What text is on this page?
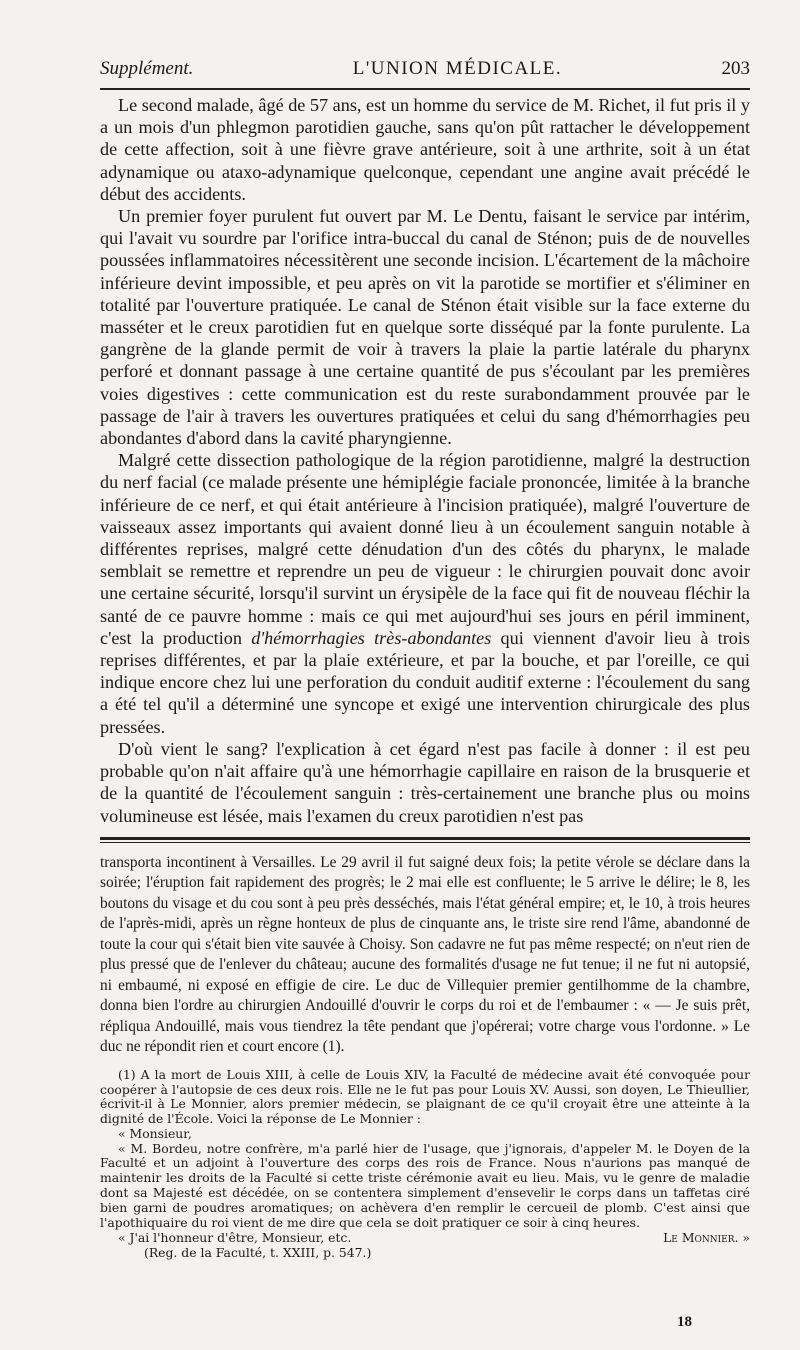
Supplément.	L'UNION MÉDICALE.	203

Le second malade, âgé de 57 ans, est un homme du service de M. Richet, il fut pris il y a un mois d'un phlegmon parotidien gauche, sans qu'on pût rattacher le développement de cette affection, soit à une fièvre grave antérieure, soit à une arthrite, soit à un état adynamique ou ataxo-adynamique quelconque, cependant une angine avait précédé le début des accidents.

Un premier foyer purulent fut ouvert par M. Le Dentu, faisant le service par intérim, qui l'avait vu sourdre par l'orifice intra-buccal du canal de Sténon; puis de de nouvelles poussées inflammatoires nécessitèrent une seconde incision. L'écartement de la mâchoire inférieure devint impossible, et peu après on vit la parotide se mortifier et s'éliminer en totalité par l'ouverture pratiquée. Le canal de Sténon était visible sur la face externe du masséter et le creux parotidien fut en quelque sorte disséqué par la fonte purulente. La gangrène de la glande permit de voir à travers la plaie la partie latérale du pharynx perforé et donnant passage à une certaine quantité de pus s'écoulant par les premières voies digestives : cette communication est du reste surabondamment prouvée par le passage de l'air à travers les ouvertures pratiquées et celui du sang d'hémorrhagies peu abondantes d'abord dans la cavité pharyngienne.

Malgré cette dissection pathologique de la région parotidienne, malgré la destruction du nerf facial (ce malade présente une hémiplégie faciale prononcée, limitée à la branche inférieure de ce nerf, et qui était antérieure à l'incision pratiquée), malgré l'ouverture de vaisseaux assez importants qui avaient donné lieu à un écoulement sanguin notable à différentes reprises, malgré cette dénudation d'un des côtés du pharynx, le malade semblait se remettre et reprendre un peu de vigueur : le chirurgien pouvait donc avoir une certaine sécurité, lorsqu'il survint un érysipèle de la face qui fit de nouveau fléchir la santé de ce pauvre homme : mais ce qui met aujourd'hui ses jours en péril imminent, c'est la production d'hémorrhagies très-abondantes qui viennent d'avoir lieu à trois reprises différentes, et par la plaie extérieure, et par la bouche, et par l'oreille, ce qui indique encore chez lui une perforation du conduit auditif externe : l'écoulement du sang a été tel qu'il a déterminé une syncope et exigé une intervention chirurgicale des plus pressées.

D'où vient le sang? l'explication à cet égard n'est pas facile à donner : il est peu probable qu'on n'ait affaire qu'à une hémorrhagie capillaire en raison de la brusquerie et de la quantité de l'écoulement sanguin : très-certainement une branche plus ou moins volumineuse est lésée, mais l'examen du creux parotidien n'est pas

transporta incontinent à Versailles. Le 29 avril il fut saigné deux fois; la petite vérole se déclare dans la soirée; l'éruption fait rapidement des progrès; le 2 mai elle est confluente; le 5 arrive le délire; le 8, les boutons du visage et du cou sont à peu près desséchés, mais l'état général empire; et, le 10, à trois heures de l'après-midi, après un règne honteux de plus de cinquante ans, le triste sire rend l'âme, abandonné de toute la cour qui s'était bien vite sauvée à Choisy. Son cadavre ne fut pas même respecté; on n'eut rien de plus pressé que de l'enlever du château; aucune des formalités d'usage ne fut tenue; il ne fut ni autopsié, ni embaumé, ni exposé en effigie de cire. Le duc de Villequier premier gentilhomme de la chambre, donna bien l'ordre au chirurgien Andouillé d'ouvrir le corps du roi et de l'embaumer : « — Je suis prêt, répliqua Andouillé, mais vous tiendrez la tête pendant que j'opérerai; votre charge vous l'ordonne. » Le duc ne répondit rien et court encore (1).

(1) A la mort de Louis XIII, à celle de Louis XIV, la Faculté de médecine avait été convoquée pour coopérer à l'autopsie de ces deux rois. Elle ne le fut pas pour Louis XV. Aussi, son doyen, Le Thieullier, écrivit-il à Le Monnier, alors premier médecin, se plaignant de ce qu'il croyait être une atteinte à la dignité de l'École. Voici la réponse de Le Monnier :

« Monsieur,

« M. Bordeu, notre confrère, m'a parlé hier de l'usage, que j'ignorais, d'appeler M. le Doyen de la Faculté et un adjoint à l'ouverture des corps des rois de France. Nous n'aurions pas manqué de maintenir les droits de la Faculté si cette triste cérémonie avait eu lieu. Mais, vu le genre de maladie dont sa Majesté est décédée, on se contentera simplement d'ensevelir le corps dans un taffetas ciré bien garni de poudres aromatiques; on achèvera d'en remplir le cercueil de plomb. C'est ainsi que l'apothiquaire du roi vient de me dire que cela se doit pratiquer ce soir à cinq heures.

« J'ai l'honneur d'être, Monsieur, etc.	Le Monnier. »
(Reg. de la Faculté, t. XXIII, p. 547.)
18
